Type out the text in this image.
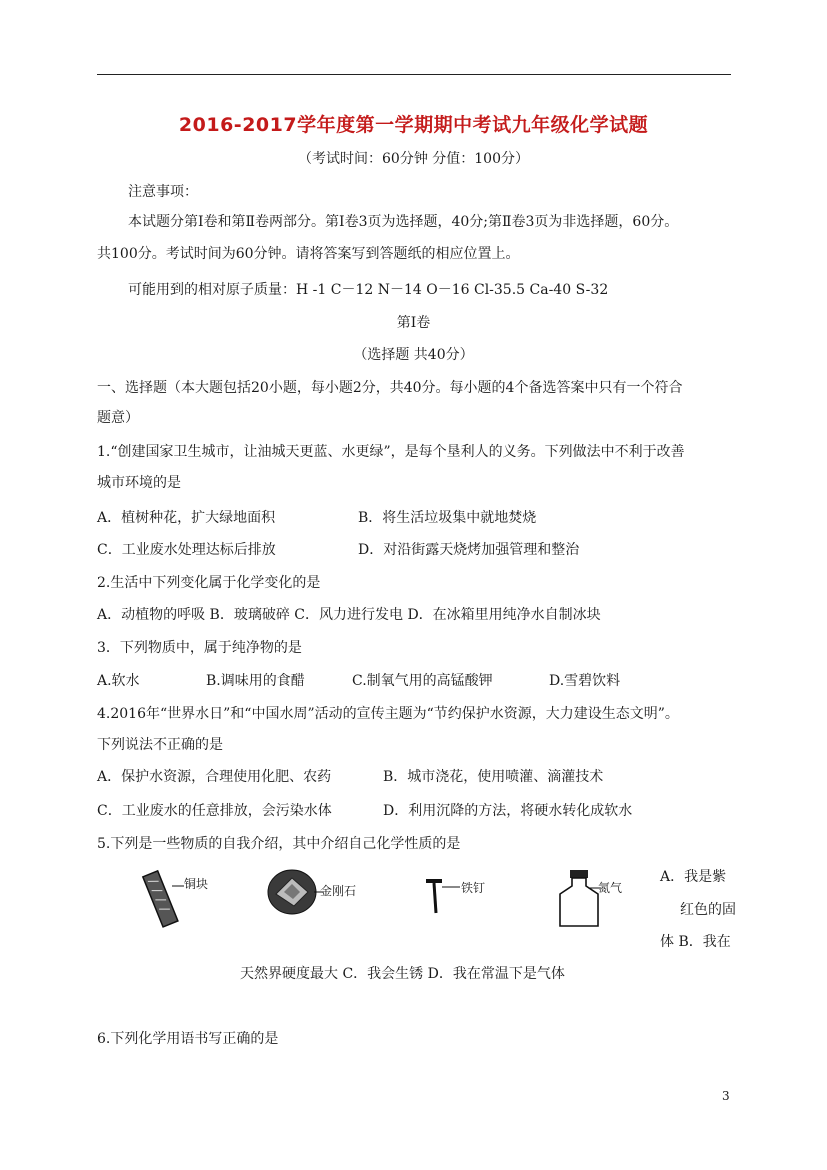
2016-2017学年度第一学期期中考试九年级化学试题
（考试时间：60分钟 分值：100分）
注意事项：
本试题分第Ⅰ卷和第Ⅱ卷两部分。第Ⅰ卷3页为选择题，40分;第Ⅱ卷3页为非选择题，60分。
共100分。考试时间为60分钟。请将答案写到答题纸的相应位置上。
可能用到的相对原子质量：H -1 C－12 N－14 O－16 Cl-35.5 Ca-40 S-32
第Ⅰ卷
（选择题 共40分）
一、选择题（本大题包括20小题，每小题2分，共40分。每小题的4个备选答案中只有一个符合
题意）
1.“创建国家卫生城市，让油城天更蓝、水更绿”，是每个垦利人的义务。下列做法中不利于改善
城市环境的是
A．植树种花，扩大绿地面积	B．将生活垃圾集中就地焚烧
C．工业废水处理达标后排放	D．对沿街露天烧烤加强管理和整治
2.生活中下列变化属于化学变化的是
A．动植物的呼吸 B．玻璃破碎 C．风力进行发电 D．在冰箱里用纯净水自制冰块
3．下列物质中，属于纯净物的是
A.软水	B.调味用的食醋	C.制氧气用的高锰酸钾	D.雪碧饮料
4.2016年“世界水日”和“中国水周”活动的宣传主题为“节约保护水资源，大力建设生态文明”。
下列说法不正确的是
A．保护水资源，合理使用化肥、农药	B．城市浇花，使用喷灌、滴灌技术
C．工业废水的任意排放，会污染水体	D．利用沉降的方法，将硬水转化成软水
5.下列是一些物质的自我介绍，其中介绍自己化学性质的是
铜块	金刚石	铁钉	氮气
A．我是紫
红色的固
体 B．我在
天然界硬度最大 C．我会生锈 D．我在常温下是气体
6.下列化学用语书写正确的是
3
